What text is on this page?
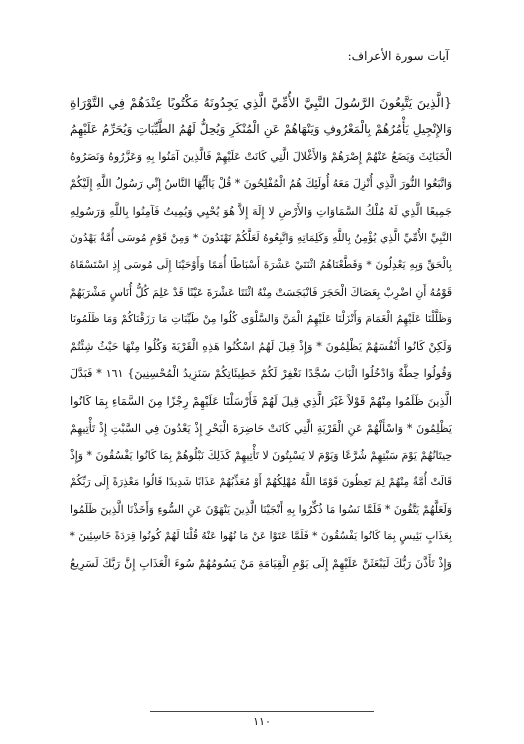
آيات سورة الأعراف:
{الَّذِينَ يَتَّبِعُونَ الرَّسُولَ النَّبِيَّ الأُمِّيَّ الَّذِي يَجِدُونَهُ مَكْتُوبًا عِنْدَهُمْ فِي التَّوْرَاةِ
وَالإِنْجِيلِ يَأْمُرُهُمْ بِالْمَعْرُوفِ وَيَنْهَاهُمْ عَنِ الْمُنْكَرِ وَيُحِلُّ لَهُمُ الطَّيِّبَاتِ وَيُحَرِّمُ عَلَيْهِمُ
الْخَبَائِثَ وَيَضَعُ عَنْهُمْ إِصْرَهُمْ وَالأَغْلالَ الَّتِي كَانَتْ عَلَيْهِمْ فَالَّذِينَ آمَنُوا بِهِ وَعَزَّرُوهُ وَنَصَرُوهُ
وَاتَّبَعُوا النُّورَ الَّذِي أُنْزِلَ مَعَهُ أُولَئِكَ هُمُ الْمُفْلِحُونَ * قُلْ يَاأَيُّهَا النَّاسُ إِنِّي رَسُولُ اللَّهِ إِلَيْكُمْ
جَمِيعًا الَّذِي لَهُ مُلْكُ السَّمَاوَاتِ وَالأَرْضِ لا إِلَهَ إِلاَّ هُوَ يُحْيِي وَيُمِيتُ فَآمِنُوا بِاللَّهِ وَرَسُولِهِ
النَّبِيِّ الأُمِّيِّ الَّذِي يُؤْمِنُ بِاللَّهِ وَكَلِمَاتِهِ وَاتَّبِعُوهُ لَعَلَّكُمْ تَهْتَدُونَ * وَمِنْ قَوْمِ مُوسَى أُمَّةٌ يَهْدُونَ
بِالْحَقِّ وَبِهِ يَعْدِلُونَ * وَقَطَّعْنَاهُمُ اثْنَتَيْ عَشْرَةَ أَسْبَاطًا أُمَمًا وَأَوْحَيْنَا إِلَى مُوسَى إِذِ اسْتَسْقَاهُ
قَوْمُهُ أَنِ اضْرِبْ بِعَصَاكَ الْحَجَرَ فَانْبَجَسَتْ مِنْهُ اثْنَتَا عَشْرَةَ عَيْنًا قَدْ عَلِمَ كُلُّ أُنَاسٍ مَشْرَبَهُمْ
وَظَلَّلْنَا عَلَيْهِمُ الْغَمَامَ وَأَنْزَلْنَا عَلَيْهِمُ الْمَنَّ وَالسَّلْوَى كُلُوا مِنْ طَيِّبَاتِ مَا رَزَقْنَاكُمْ وَمَا ظَلَمُونَا
وَلَكِنْ كَانُوا أَنْفُسَهُمْ يَظْلِمُونَ * وَإِذْ قِيلَ لَهُمُ اسْكُنُوا هَذِهِ الْقَرْيَةَ وَكُلُوا مِنْهَا حَيْثُ شِئْتُمْ
وَقُولُوا حِطَّةٌ وَادْخُلُوا الْبَابَ سُجَّدًا نَغْفِرْ لَكُمْ خَطِيئَاتِكُمْ سَنَزِيدُ الْمُحْسِنِينَ} ١٦١ * فَبَدَّلَ
الَّذِينَ ظَلَمُوا مِنْهُمْ قَوْلاً غَيْرَ الَّذِي قِيلَ لَهُمْ فَأَرْسَلْنَا عَلَيْهِمْ رِجْزًا مِنَ السَّمَاءِ بِمَا كَانُوا
يَظْلِمُونَ * وَاسْأَلْهُمْ عَنِ الْقَرْيَةِ الَّتِي كَانَتْ حَاضِرَةَ الْبَحْرِ إِذْ يَعْدُونَ فِي السَّبْتِ إِذْ تَأْتِيهِمْ
حِيتَانُهُمْ يَوْمَ سَبْتِهِمْ شُرَّعًا وَيَوْمَ لا يَسْبِتُونَ لا تَأْتِيهِمْ كَذَلِكَ نَبْلُوهُمْ بِمَا كَانُوا يَفْسُقُونَ * وَإِذْ
قَالَتْ أُمَّةٌ مِنْهُمْ لِمَ تَعِظُونَ قَوْمًا اللَّهُ مُهْلِكُهُمْ أَوْ مُعَذِّبُهُمْ عَذَابًا شَدِيدًا قَالُوا مَعْذِرَةً إِلَى رَبِّكُمْ
وَلَعَلَّهُمْ يَتَّقُونَ * فَلَمَّا نَسُوا مَا ذُكِّرُوا بِهِ أَنْجَيْنَا الَّذِينَ يَنْهَوْنَ عَنِ السُّوءِ وَأَخَذْنَا الَّذِينَ ظَلَمُوا
بِعَذَابٍ بَئِيسٍ بِمَا كَانُوا يَفْسُقُونَ * فَلَمَّا عَتَوْا عَنْ مَا نُهُوا عَنْهُ قُلْنَا لَهُمْ كُونُوا قِرَدَةً خَاسِئِينَ *
وَإِذْ تَأَذَّنَ رَبُّكَ لَيَبْعَثَنَّ عَلَيْهِمْ إِلَى يَوْمِ الْقِيَامَةِ مَنْ يَسُومُهُمْ سُوءَ الْعَذَابِ إِنَّ رَبَّكَ لَسَرِيعُ
١١٠
